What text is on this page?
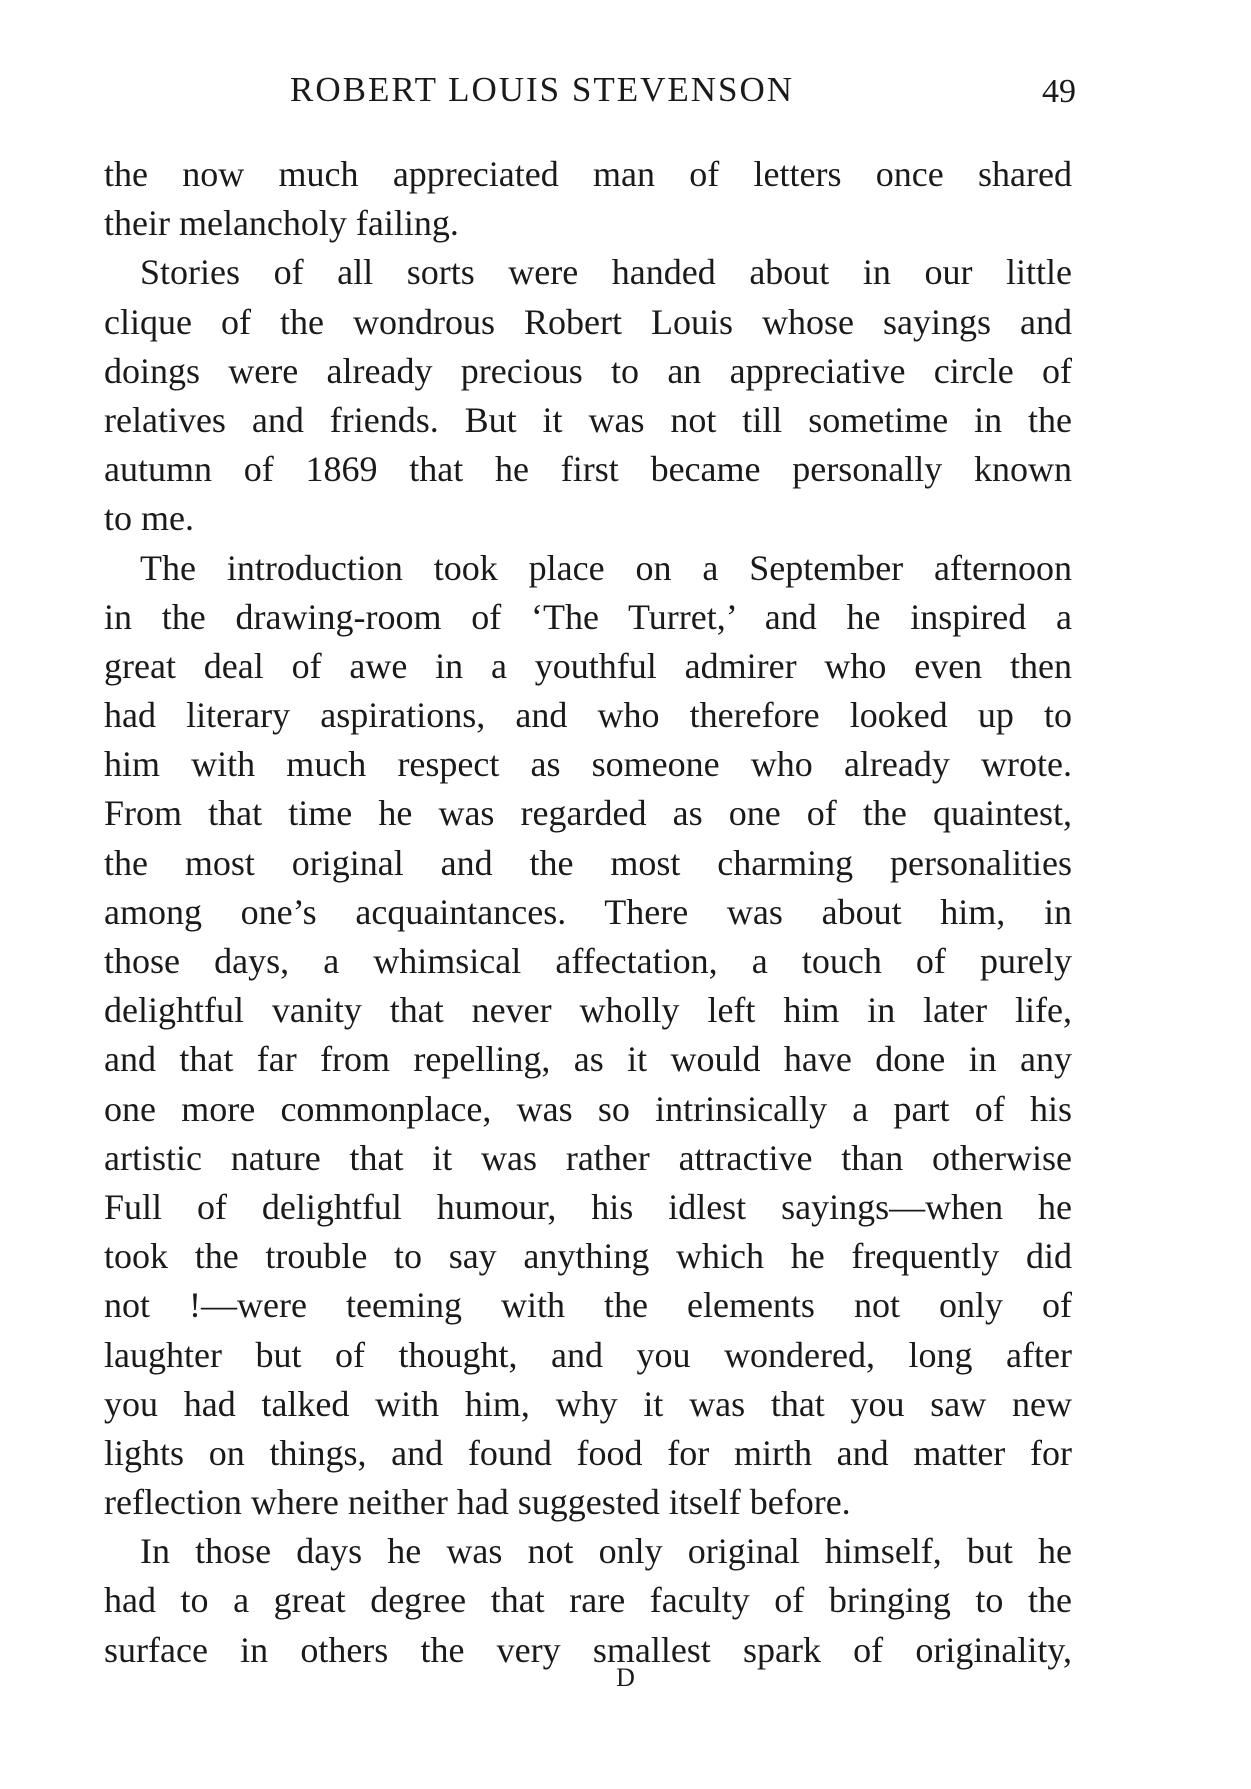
ROBERT LOUIS STEVENSON	49
the now much appreciated man of letters once shared
their melancholy failing.
Stories of all sorts were handed about in our little
clique of the wondrous Robert Louis whose sayings and
doings were already precious to an appreciative circle of
relatives and friends. But it was not till sometime in the
autumn of 1869 that he first became personally known
to me.
The introduction took place on a September afternoon
in the drawing-room of ‘The Turret,’ and he inspired a
great deal of awe in a youthful admirer who even then
had literary aspirations, and who therefore looked up to
him with much respect as someone who already wrote.
From that time he was regarded as one of the quaintest,
the most original and the most charming personalities
among one’s acquaintances. There was about him, in
those days, a whimsical affectation, a touch of purely
delightful vanity that never wholly left him in later life,
and that far from repelling, as it would have done in any
one more commonplace, was so intrinsically a part of his
artistic nature that it was rather attractive than otherwise
Full of delightful humour, his idlest sayings—when he
took the trouble to say anything which he frequently did
not !—were teeming with the elements not only of
laughter but of thought, and you wondered, long after
you had talked with him, why it was that you saw new
lights on things, and found food for mirth and matter for
reflection where neither had suggested itself before.
In those days he was not only original himself, but he
had to a great degree that rare faculty of bringing to the
surface in others the very smallest spark of originality,
D
